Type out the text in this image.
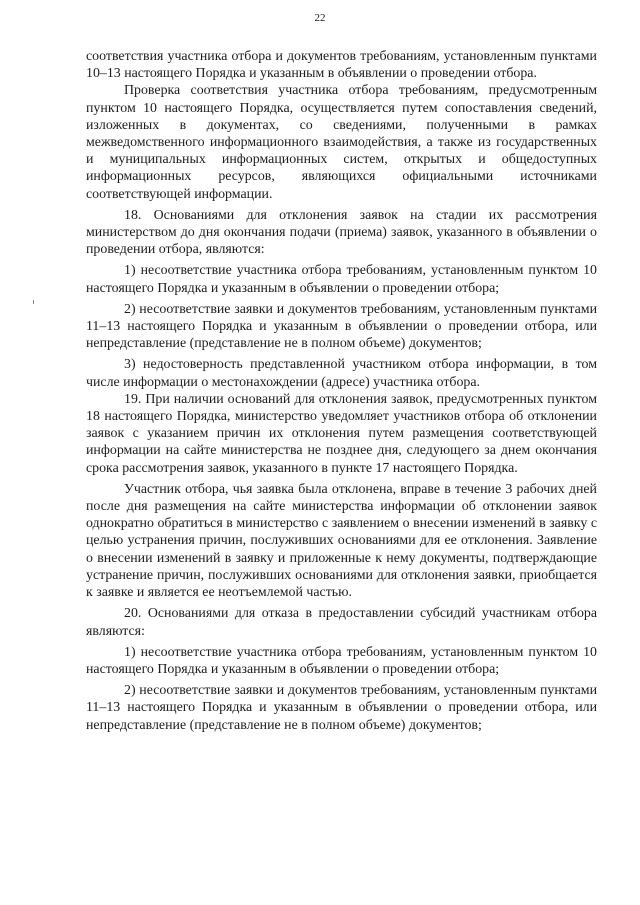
22

соответствия участника отбора и документов требованиям, установленным пунктами 10–13 настоящего Порядка и указанным в объявлении о проведении отбора.

Проверка соответствия участника отбора требованиям, предусмотренным пунктом 10 настоящего Порядка, осуществляется путем сопоставления сведений, изложенных в документах, со сведениями, полученными в рамках межведомственного информационного взаимодействия, а также из государственных и муниципальных информационных систем, открытых и общедоступных информационных ресурсов, являющихся официальными источниками соответствующей информации.

18. Основаниями для отклонения заявок на стадии их рассмотрения министерством до дня окончания подачи (приема) заявок, указанного в объявлении о проведении отбора, являются:

1) несоответствие участника отбора требованиям, установленным пунктом 10 настоящего Порядка и указанным в объявлении о проведении отбора;

2) несоответствие заявки и документов требованиям, установленным пунктами 11–13 настоящего Порядка и указанным в объявлении о проведении отбора, или непредставление (представление не в полном объеме) документов;

3) недостоверность представленной участником отбора информации, в том числе информации о местонахождении (адресе) участника отбора.

19. При наличии оснований для отклонения заявок, предусмотренных пунктом 18 настоящего Порядка, министерство уведомляет участников отбора об отклонении заявок с указанием причин их отклонения путем размещения соответствующей информации на сайте министерства не позднее дня, следующего за днем окончания срока рассмотрения заявок, указанного в пункте 17 настоящего Порядка.

Участник отбора, чья заявка была отклонена, вправе в течение 3 рабочих дней после дня размещения на сайте министерства информации об отклонении заявок однократно обратиться в министерство с заявлением о внесении изменений в заявку с целью устранения причин, послуживших основаниями для ее отклонения. Заявление о внесении изменений в заявку и приложенные к нему документы, подтверждающие устранение причин, послуживших основаниями для отклонения заявки, приобщается к заявке и является ее неотъемлемой частью.

20. Основаниями для отказа в предоставлении субсидий участникам отбора являются:

1) несоответствие участника отбора требованиям, установленным пунктом 10 настоящего Порядка и указанным в объявлении о проведении отбора;

2) несоответствие заявки и документов требованиям, установленным пунктами 11–13 настоящего Порядка и указанным в объявлении о проведении отбора, или непредставление (представление не в полном объеме) документов;
